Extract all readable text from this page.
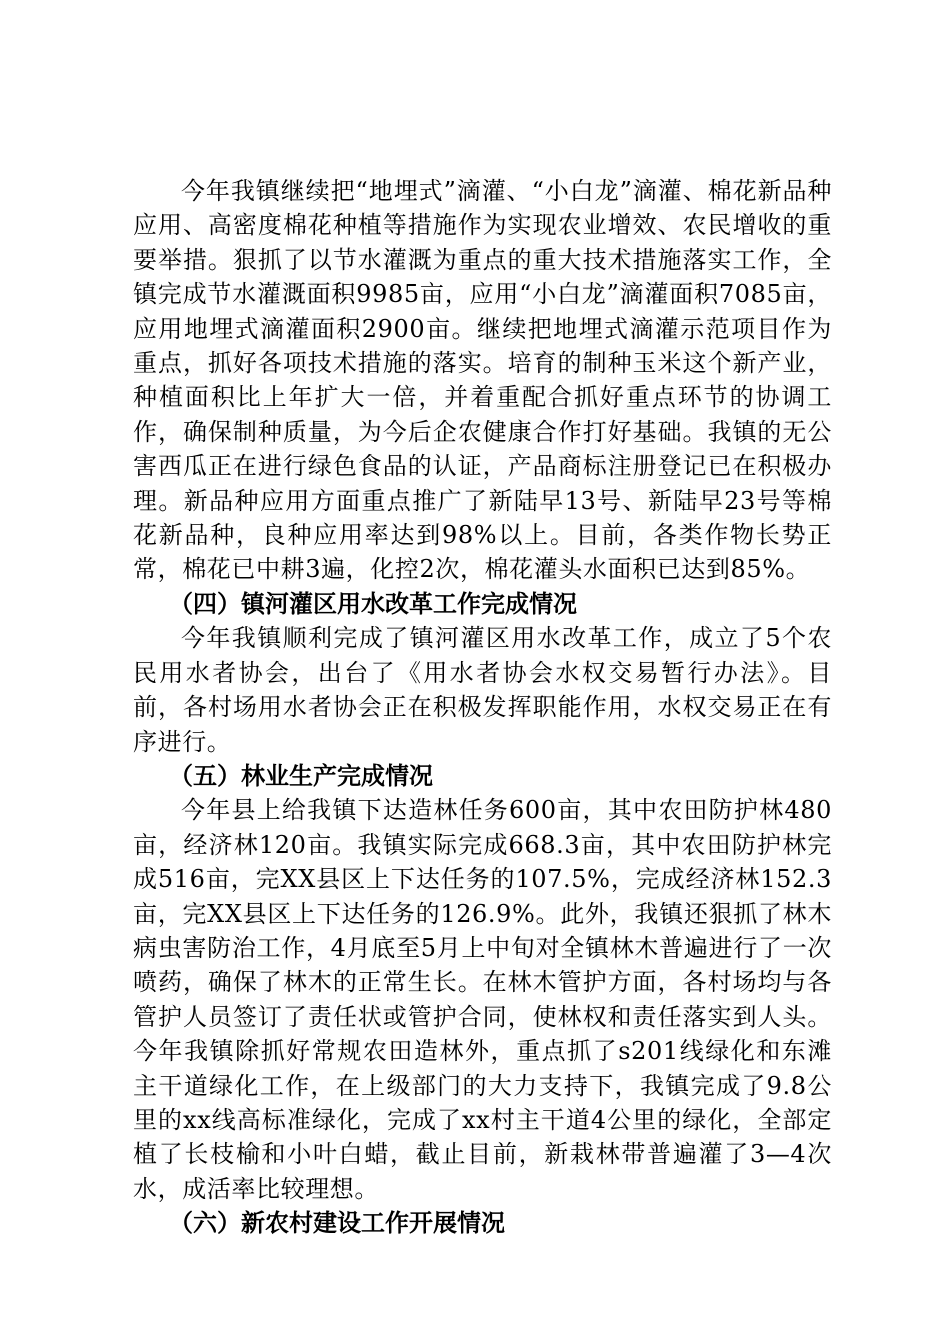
今年我镇继续把“地埋式”滴灌、“小白龙”滴灌、棉花新品种应用、高密度棉花种植等措施作为实现农业增效、农民增收的重要举措。狠抓了以节水灌溉为重点的重大技术措施落实工作，全镇完成节水灌溉面积9985亩，应用“小白龙”滴灌面积7085亩，应用地埋式滴灌面积2900亩。继续把地埋式滴灌示范项目作为重点，抓好各项技术措施的落实。培育的制种玉米这个新产业，种植面积比上年扩大一倍，并着重配合抓好重点环节的协调工作，确保制种质量，为今后企农健康合作打好基础。我镇的无公害西瓜正在进行绿色食品的认证，产品商标注册登记已在积极办理。新品种应用方面重点推广了新陆早13号、新陆早23号等棉花新品种，良种应用率达到98%以上。目前，各类作物长势正常，棉花已中耕3遍，化控2次，棉花灌头水面积已达到85%。

（四）镇河灌区用水改革工作完成情况

今年我镇顺利完成了镇河灌区用水改革工作，成立了5个农民用水者协会，出台了《用水者协会水权交易暂行办法》。目前，各村场用水者协会正在积极发挥职能作用，水权交易正在有序进行。

（五）林业生产完成情况

今年县上给我镇下达造林任务600亩，其中农田防护林480亩，经济林120亩。我镇实际完成668.3亩，其中农田防护林完成516亩，完XX县区上下达任务的107.5%，完成经济林152.3亩，完XX县区上下达任务的126.9%。此外，我镇还狠抓了林木病虫害防治工作，4月底至5月上中旬对全镇林木普遍进行了一次喷药，确保了林木的正常生长。在林木管护方面，各村场均与各管护人员签订了责任状或管护合同，使林权和责任落实到人头。今年我镇除抓好常规农田造林外，重点抓了s201线绿化和东滩主干道绿化工作，在上级部门的大力支持下，我镇完成了9.8公里的xx线高标准绿化，完成了xx村主干道4公里的绿化，全部定植了长枝榆和小叶白蜡，截止目前，新栽林带普遍灌了3—4次水，成活率比较理想。

（六）新农村建设工作开展情况
